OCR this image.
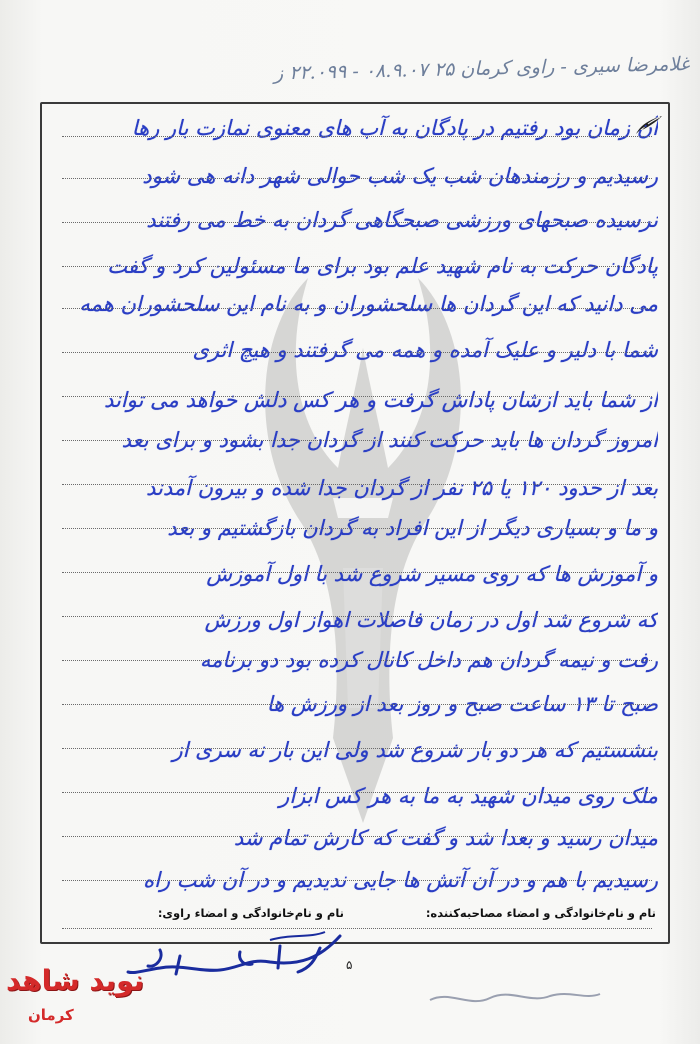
غلامرضا سیری - راوی کرمان ۲۵ ۰۸.۹.۰۷ - ۲۲.۰۹۹ ز
آن زمان بود رفتیم در پادگان به آب های معنوی نمازت بار رها
رسیدیم و رزمندهان شب یک شب حوالی شهر دانه هی شود
نرسیده صبحهای ورزشی صبحگاهی گردان به خط می رفتند
پادگان حرکت به نام شهید علم بود برای ما مسئولین کرد و گفت
می دانید که این گردان ها سلحشوران و به نام این سلحشوران همه
شما با دلیر و علیک آمده و همه می گرفتند و هیچ اثری
از شما باید ازشان پاداش گرفت و هر کس دلش خواهد می تواند
امروز گردان ها باید حرکت کنند از گردان جدا بشود و برای بعد
بعد از حدود ۱۲۰ یا ۲۵ نفر از گردان جدا شده و بیرون آمدند
و ما و بسیاری دیگر از این افراد به گردان بازگشتیم و بعد
و آموزش ها که روی مسیر شروع شد با اول آموزش
که شروع شد اول در زمان فاصلات اهواز اول ورزش
رفت و نیمه گردان هم داخل کانال کرده بود دو برنامه
صبح تا ۱۳ ساعت صبح و روز بعد از ورزش ها
بنشستیم که هر دو بار شروع شد ولی این بار نه سری از
ملک روی میدان شهید به ما به هر کس ابزار
میدان رسید و بعدا شد و گفت که کارش تمام شد
رسیدیم با هم و در آن آتش ها جایی ندیدیم و در آن شب راه
نام و نام‌خانوادگی و امضاء مصاحبه‌کننده:
نام و نام‌خانوادگی و امضاء راوی:
۵
نوید شاهد
کرمان
